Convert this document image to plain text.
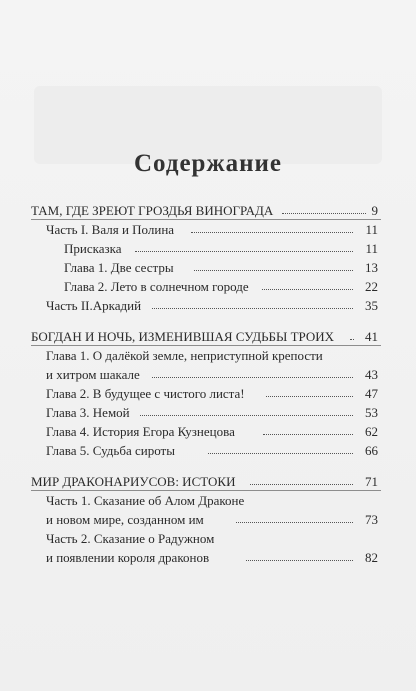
Содержание
ТАМ, ГДЕ ЗРЕЮТ ГРОЗДЬЯ ВИНОГРАДА	9
Часть I. Валя и Полина	11
Присказка	11
Глава 1. Две сестры	13
Глава 2. Лето в солнечном городе	22
Часть II.Аркадий	35
БОГДАН И НОЧЬ, ИЗМЕНИВШАЯ СУДЬБЫ ТРОИХ 41
Глава 1. О далёкой земле, неприступной крепости
и хитром шакале	43
Глава 2. В будущее с чистого листа!	47
Глава 3. Немой	53
Глава 4. История Егора Кузнецова	62
Глава 5. Судьба сироты	66
МИР ДРАКОНАРИУСОВ: ИСТОКИ	71
Часть 1. Сказание об Алом Драконе
и новом мире, созданном им	73
Часть 2. Сказание о Радужном
и появлении короля драконов	82
